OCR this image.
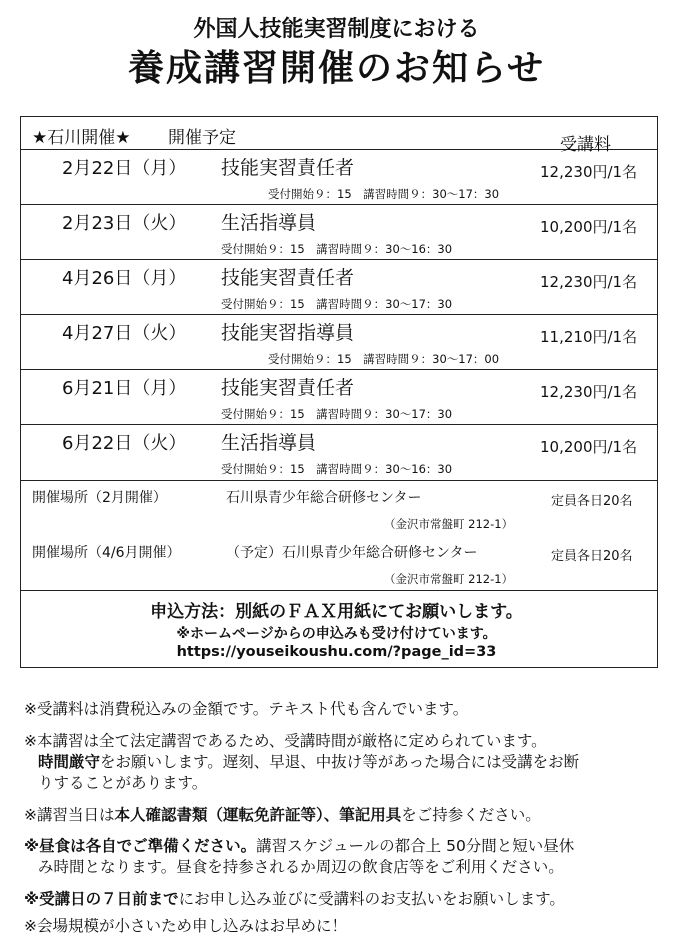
外国人技能実習制度における
養成講習開催のお知らせ
★石川開催★ 開催予定	受講料
2月22日（月） 技能実習責任者	12,230円/1名
受付開始９：15　講習時間９：30～17：30
2月23日（火） 生活指導員	10,200円/1名
受付開始９：15　講習時間９：30～16：30
4月26日（月） 技能実習責任者	12,230円/1名
受付開始９：15　講習時間９：30～17：30
4月27日（火） 技能実習指導員	11,210円/1名
受付開始９：15　講習時間９：30～17：00
6月21日（月） 技能実習責任者	12,230円/1名
受付開始９：15　講習時間９：30～17：30
6月22日（火） 生活指導員	10,200円/1名
受付開始９：15　講習時間９：30～16：30
開催場所（2月開催）	石川県青少年総合研修センター	定員各日20名
（金沢市常盤町 212-1）
開催場所（4/6月開催）	（予定）石川県青少年総合研修センター	定員各日20名
（金沢市常盤町 212-1）
申込方法：別紙のＦＡＸ用紙にてお願いします。
※ホームページからの申込みも受け付けています。
https://youseikoushu.com/?page_id=33
※受講料は消費税込みの金額です。テキスト代も含んでいます。
※本講習は全て法定講習であるため、受講時間が厳格に定められています。
時間厳守をお願いします。遅刻、早退、中抜け等があった場合には受講をお断
りすることがあります。
※講習当日は本人確認書類（運転免許証等）、筆記用具をご持参ください。
※昼食は各自でご準備ください。講習スケジュールの都合上 50分間と短い昼休
み時間となります。昼食を持参されるか周辺の飲食店等をご利用ください。
※受講日の７日前までにお申し込み並びに受講料のお支払いをお願いします。
※会場規模が小さいため申し込みはお早めに！
